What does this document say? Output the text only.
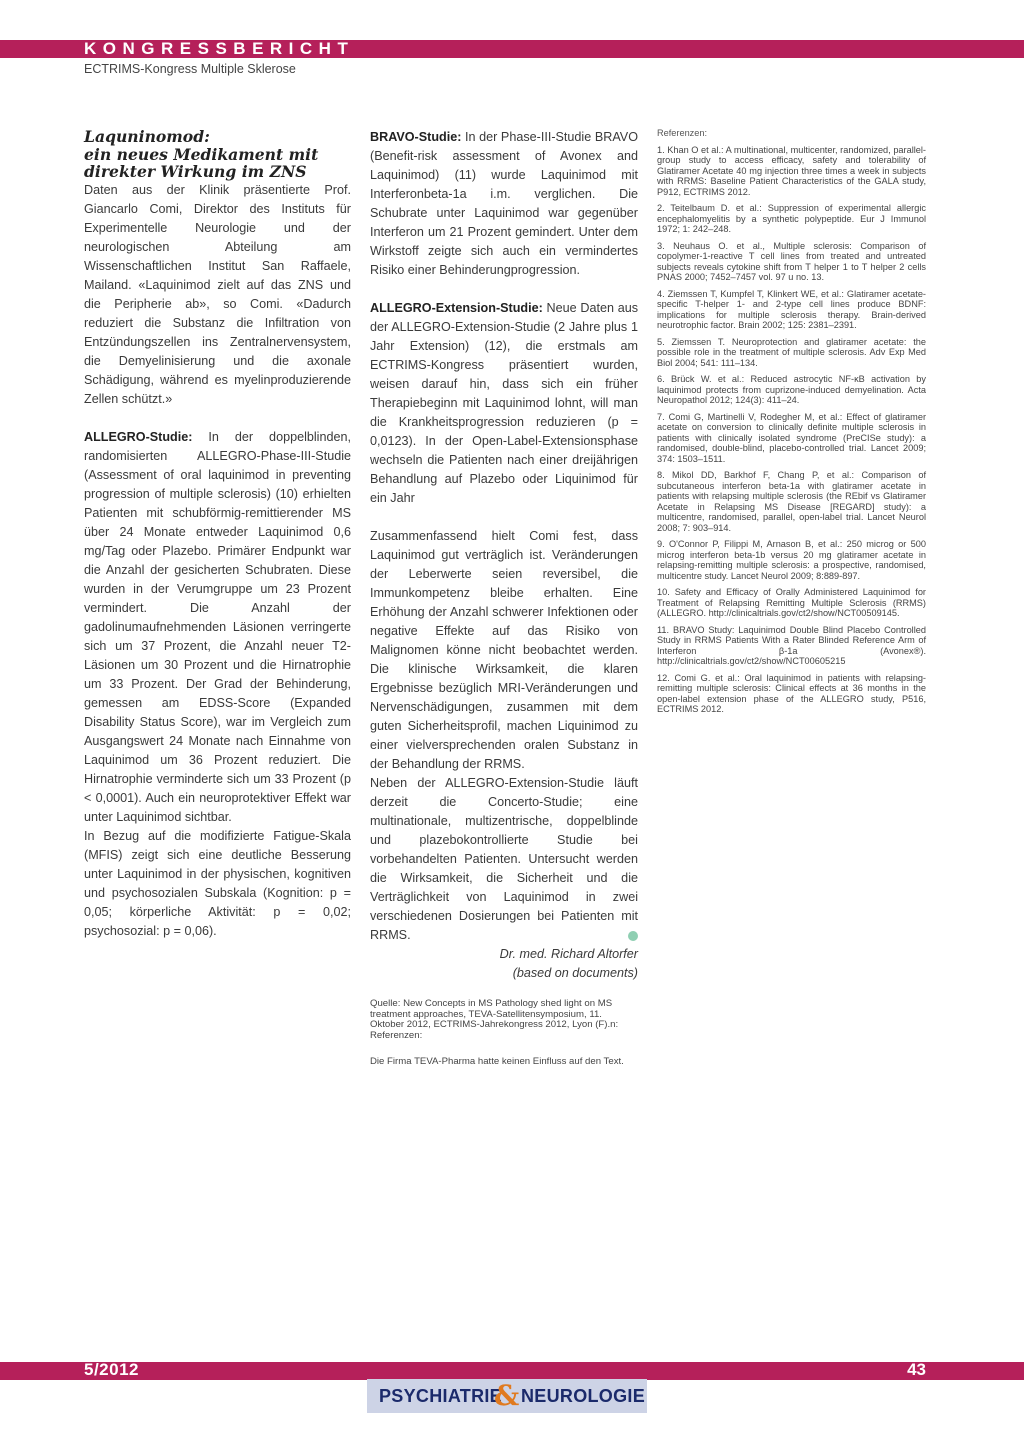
KONGRESSBERICHT
ECTRIMS-Kongress Multiple Sklerose
Laquninomod:
ein neues Medikament mit
direkter Wirkung im ZNS

Daten aus der Klinik präsentierte Prof. Giancarlo Comi, Direktor des Instituts für Experimentelle Neurologie und der neurologischen Abteilung am Wissenschaftlichen Institut San Raffaele, Mailand. «Laquinimod zielt auf das ZNS und die Peripherie ab», so Comi. «Dadurch reduziert die Substanz die Infiltration von Entzündungszellen ins Zentralnervensystem, die Demyelinisierung und die axonale Schädigung, während es myelinproduzierende Zellen schützt.»

ALLEGRO-Studie: In der doppelblinden, randomisierten ALLEGRO-Phase-III-Studie (Assessment of oral laquinimod in preventing progression of multiple sclerosis) (10) erhielten Patienten mit schubförmig-remittierender MS über 24 Monate entweder Laquinimod 0,6 mg/Tag oder Plazebo. Primärer Endpunkt war die Anzahl der gesicherten Schubraten. Diese wurden in der Verumgruppe um 23 Prozent vermindert. Die Anzahl der gadolinumaufnehmenden Läsionen verringerte sich um 37 Prozent, die Anzahl neuer T2-Läsionen um 30 Prozent und die Hirnatrophie um 33 Prozent. Der Grad der Behinderung, gemessen am EDSS-Score (Expanded Disability Status Score), war im Vergleich zum Ausgangswert 24 Monate nach Einnahme von Laquinimod um 36 Prozent reduziert. Die Hirnatrophie verminderte sich um 33 Prozent (p < 0,0001). Auch ein neuroprotektiver Effekt war unter Laquinimod sichtbar.

In Bezug auf die modifizierte Fatigue-Skala (MFIS) zeigt sich eine deutliche Besserung unter Laquinimod in der physischen, kognitiven und psychosozialen Subskala (Kognition: p = 0,05; körperliche Aktivität: p = 0,02; psychosozial: p = 0,06).

BRAVO-Studie: In der Phase-III-Studie BRAVO (Benefit-risk assessment of Avonex and Laquinimod) (11) wurde Laquinimod mit Interferonbeta-1a i.m. verglichen. Die Schubrate unter Laquinimod war gegenüber Interferon um 21 Prozent gemindert. Unter dem Wirkstoff zeigte sich auch ein vermindertes Risiko einer Behinderungprogression.

ALLEGRO-Extension-Studie: Neue Daten aus der ALLEGRO-Extension-Studie (2 Jahre plus 1 Jahr Extension) (12), die erstmals am ECTRIMS-Kongress präsentiert wurden, weisen darauf hin, dass sich ein früher Therapiebeginn mit Laquinimod lohnt, will man die Krankheitsprogression reduzieren (p = 0,0123). In der Open-Label-Extensionsphase wechseln die Patienten nach einer dreijährigen Behandlung auf Plazebo oder Liquinimod für ein Jahr

Zusammenfassend hielt Comi fest, dass Laquinimod gut verträglich ist. Veränderungen der Leberwerte seien reversibel, die Immunkompetenz bleibe erhalten. Eine Erhöhung der Anzahl schwerer Infektionen oder negative Effekte auf das Risiko von Malignomen könne nicht beobachtet werden. Die klinische Wirksamkeit, die klaren Ergebnisse bezüglich MRI-Veränderungen und Nervenschädigungen, zusammen mit dem guten Sicherheitsprofil, machen Liquinimod zu einer vielversprechenden oralen Substanz in der Behandlung der RRMS.

Neben der ALLEGRO-Extension-Studie läuft derzeit die Concerto-Studie; eine multinationale, multizentrische, doppelblinde und plazebokontrollierte Studie bei vorbehandelten Patienten. Untersucht werden die Wirksamkeit, die Sicherheit und die Verträglichkeit von Laquinimod in zwei verschiedenen Dosierungen bei Patienten mit RRMS.

Dr. med. Richard Altorfer

(based on documents)

Quelle: New Concepts in MS Pathology shed light on MS treatment approaches, TEVA-Satellitensymposium, 11. Oktober 2012, ECTRIMS-Jahrekongress 2012, Lyon (F).n: Referenzen:

Die Firma TEVA-Pharma hatte keinen Einfluss auf den Text.

Referenzen:
1. Khan O et al.: A multinational, multicenter, randomized, parallel-group study to access efficacy, safety and tolerability of Glatiramer Acetate 40 mg injection three times a week in subjects with RRMS: Baseline Patient Characteristics of the GALA study, P912, ECTRIMS 2012.
2. Teitelbaum D. et al.: Suppression of experimental allergic encephalomyelitis by a synthetic polypeptide. Eur J Immunol 1972; 1: 242–248.
3. Neuhaus O. et al., Multiple sclerosis: Comparison of copolymer-1-reactive T cell lines from treated and untreated subjects reveals cytokine shift from T helper 1 to T helper 2 cells PNAS 2000; 7452–7457 vol. 97 u no. 13.
4. Ziemssen T, Kumpfel T, Klinkert WE, et al.: Glatiramer acetate-specific T-helper 1- and 2-type cell lines produce BDNF: implications for multiple sclerosis therapy. Brain-derived neurotrophic factor. Brain 2002; 125: 2381–2391.
5. Ziemssen T. Neuroprotection and glatiramer acetate: the possible role in the treatment of multiple sclerosis. Adv Exp Med Biol 2004; 541: 111–134.
6. Brück W. et al.: Reduced astrocytic NF-κB activation by laquinimod protects from cuprizone-induced demyelination. Acta Neuropathol 2012; 124(3): 411–24.
7. Comi G, Martinelli V, Rodegher M, et al.: Effect of glatiramer acetate on conversion to clinically definite multiple sclerosis in patients with clinically isolated syndrome (PreCISe study): a randomised, double-blind, placebo-controlled trial. Lancet 2009; 374: 1503–1511.
8. Mikol DD, Barkhof F, Chang P, et al.: Comparison of subcutaneous interferon beta-1a with glatiramer acetate in patients with relapsing multiple sclerosis (the REbif vs Glatiramer Acetate in Relapsing MS Disease [REGARD] study): a multicentre, randomised, parallel, open-label trial. Lancet Neurol 2008; 7: 903–914.
9. O'Connor P, Filippi M, Arnason B, et al.: 250 microg or 500 microg interferon beta-1b versus 20 mg glatiramer acetate in relapsing-remitting multiple sclerosis: a prospective, randomised, multicentre study. Lancet Neurol 2009; 8:889-897.
10. Safety and Efficacy of Orally Administered Laquinimod for Treatment of Relapsing Remitting Multiple Sclerosis (RRMS) (ALLEGRO. http://clinicaltrials.gov/ct2/show/NCT00509145.
11. BRAVO Study: Laquinimod Double Blind Placebo Controlled Study in RRMS Patients With a Rater Blinded Reference Arm of Interferon β-1a (Avonex®). http://clinicaltrials.gov/ct2/show/NCT00605215
12. Comi G. et al.: Oral laquinimod in patients with relapsing-remitting multiple sclerosis: Clinical effects at 36 months in the open-label extension phase of the ALLEGRO study, P516, ECTRIMS 2012.
5/2012	43
PSYCHIATRIE
& NEUROLOGIE
